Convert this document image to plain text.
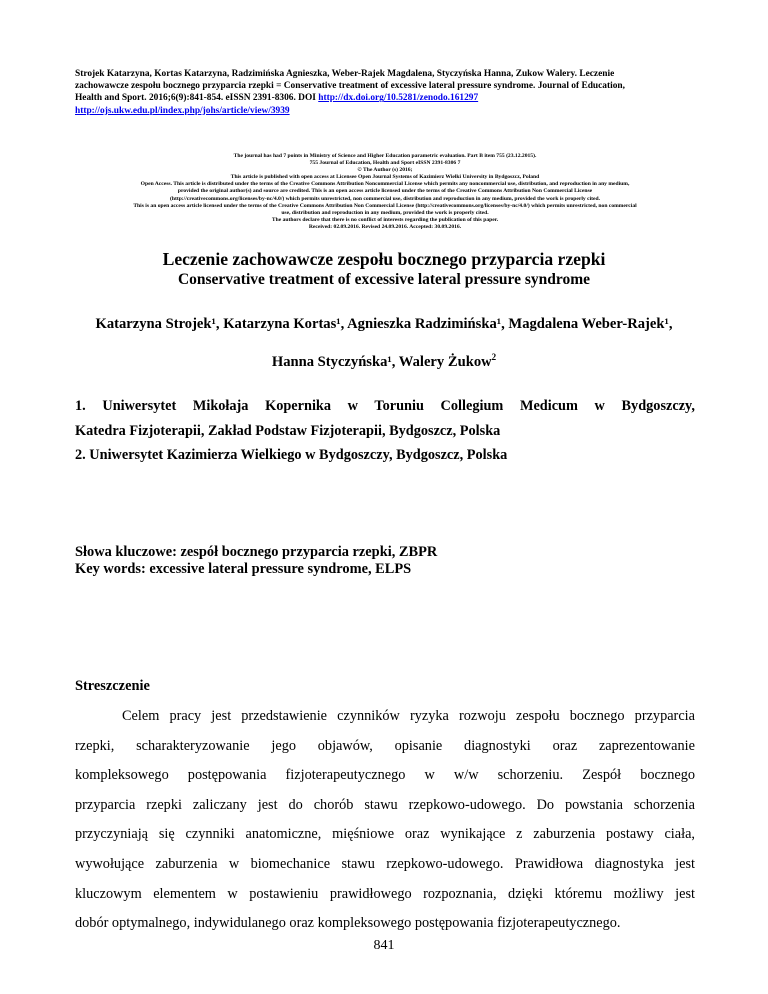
Strojek Katarzyna, Kortas Katarzyna, Radzimińska Agnieszka, Weber-Rajek Magdalena, Styczyńska Hanna, Zukow Walery. Leczenie
zachowawcze zespołu bocznego przyparcia rzepki = Conservative treatment of excessive lateral pressure syndrome. Journal of Education,
Health and Sport. 2016;6(9):841-854. eISSN 2391-8306. DOI http://dx.doi.org/10.5281/zenodo.161297
http://ojs.ukw.edu.pl/index.php/johs/article/view/3939
The journal has had 7 points in Ministry of Science and Higher Education parametric evaluation. Part B item 755 (23.12.2015).
755 Journal of Education, Health and Sport eISSN 2391-8306 7
© The Author (s) 2016;
This article is published with open access at Licensee Open Journal Systems of Kazimierz Wielki University in Bydgoszcz, Poland
Open Access. This article is distributed under the terms of the Creative Commons Attribution Noncommercial License which permits any noncommercial use, distribution, and reproduction in any medium,
provided the original author(s) and source are credited. This is an open access article licensed under the terms of the Creative Commons Attribution Non Commercial License
(http://creativecommons.org/licenses/by-nc/4.0/) which permits unrestricted, non commercial use, distribution and reproduction in any medium, provided the work is properly cited.
This is an open access article licensed under the terms of the Creative Commons Attribution Non Commercial License (http://creativecommons.org/licenses/by-nc/4.0/) which permits unrestricted, non commercial
use, distribution and reproduction in any medium, provided the work is properly cited.
The authors declare that there is no conflict of interests regarding the publication of this paper.
Received: 02.09.2016. Revised 24.09.2016. Accepted: 30.09.2016.
Leczenie zachowawcze zespołu bocznego przyparcia rzepki
Conservative treatment of excessive lateral pressure syndrome
Katarzyna Strojek¹, Katarzyna Kortas¹, Agnieszka Radzimińska¹, Magdalena Weber-Rajek¹,
Hanna Styczyńska¹, Walery Żukow$^2$
1. Uniwersytet Mikołaja Kopernika w Toruniu Collegium Medicum w Bydgoszczy,
Katedra Fizjoterapii, Zakład Podstaw Fizjoterapii, Bydgoszcz, Polska
2. Uniwersytet Kazimierza Wielkiego w Bydgoszczy, Bydgoszcz, Polska
Słowa kluczowe: zespół bocznego przyparcia rzepki, ZBPR
Key words: excessive lateral pressure syndrome, ELPS
Streszczenie
Celem pracy jest przedstawienie czynników ryzyka rozwoju zespołu bocznego przyparcia
rzepki, scharakteryzowanie jego objawów, opisanie diagnostyki oraz zaprezentowanie
kompleksowego postępowania fizjoterapeutycznego w w/w schorzeniu. Zespół bocznego
przyparcia rzepki zaliczany jest do chorób stawu rzepkowo-udowego. Do powstania schorzenia
przyczyniają się czynniki anatomiczne, mięśniowe oraz wynikające z zaburzenia postawy ciała,
wywołujące zaburzenia w biomechanice stawu rzepkowo-udowego. Prawidłowa diagnostyka jest
kluczowym elementem w postawieniu prawidłowego rozpoznania, dzięki któremu możliwy jest
dobór optymalnego, indywidulanego oraz kompleksowego postępowania fizjoterapeutycznego.
841
